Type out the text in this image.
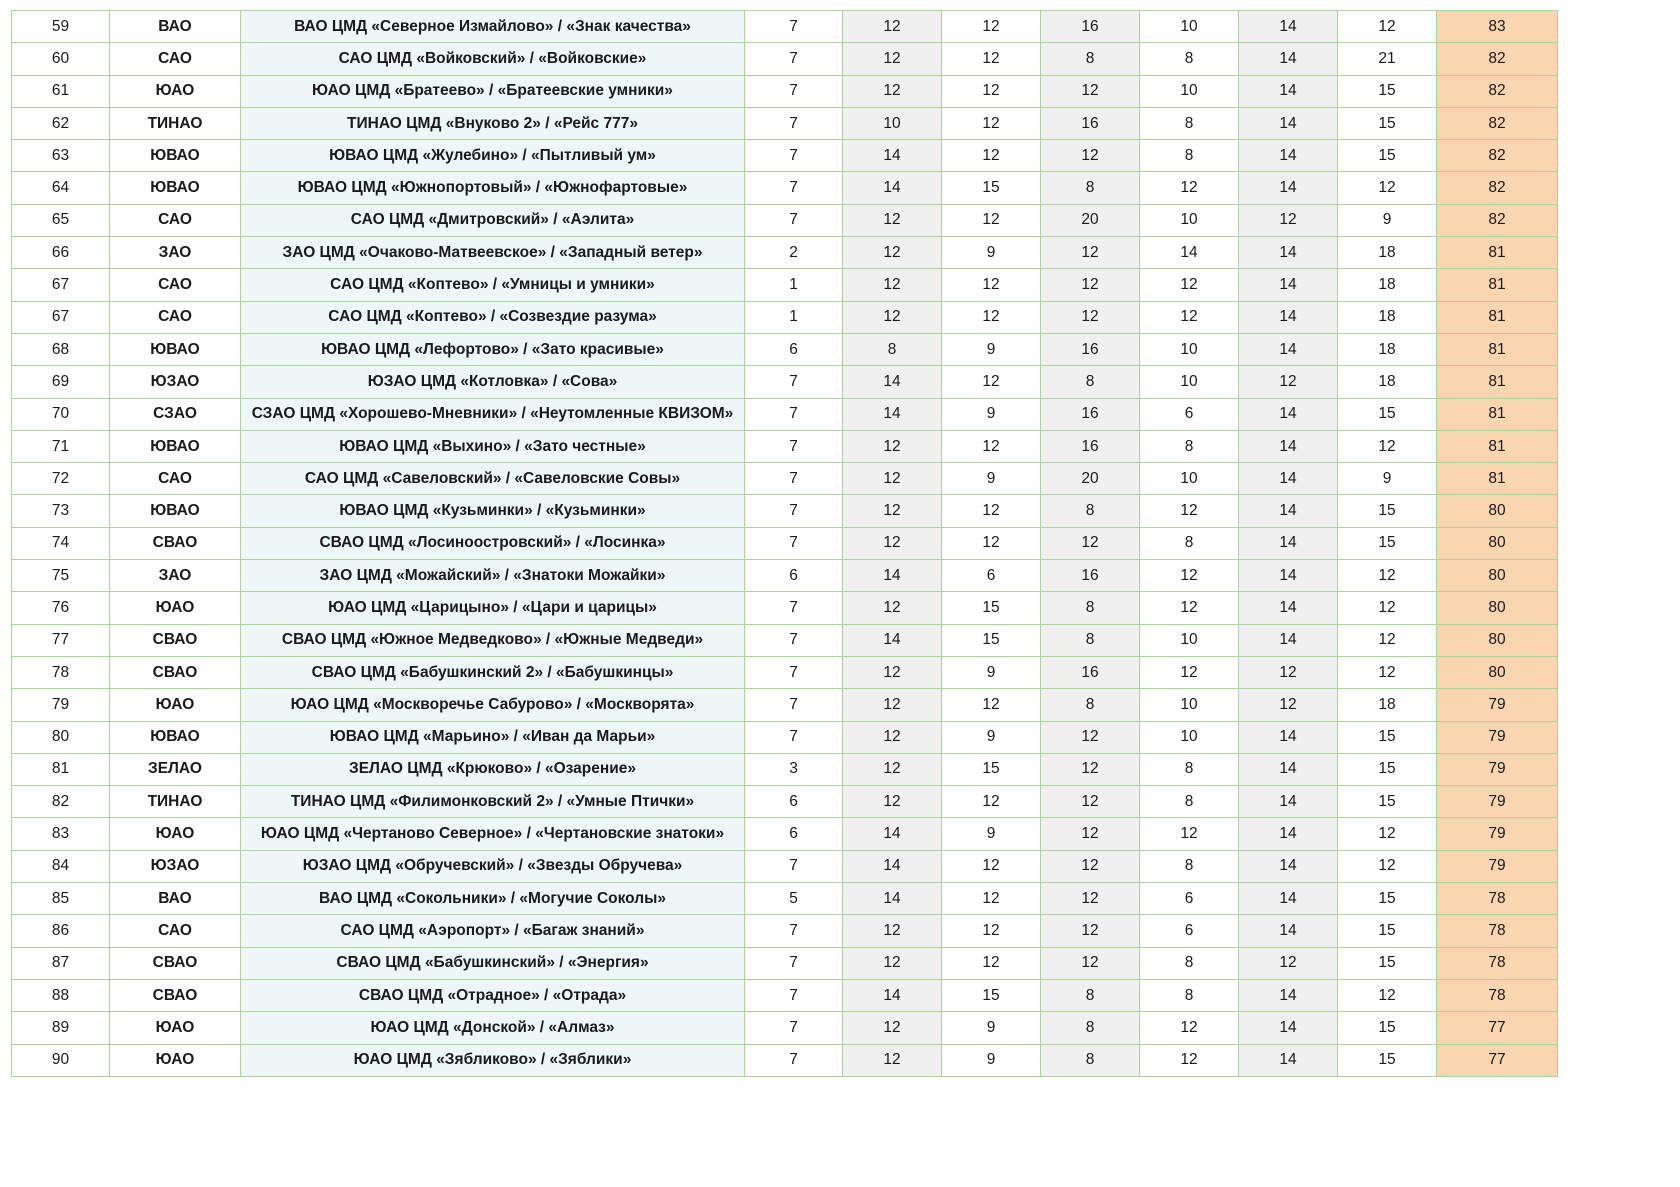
59	ВАО	ВАО ЦМД «Северное Измайлово» / «Знак качества»	7	12	12	16	10	14	12	83
60	САО	САО ЦМД «Войковский» / «Войковские»	7	12	12	8	8	14	21	82
61	ЮАО	ЮАО ЦМД «Братеево» / «Братеевские умники»	7	12	12	12	10	14	15	82
62	ТИНАО	ТИНАО ЦМД «Внуково 2» / «Рейс 777»	7	10	12	16	8	14	15	82
63	ЮВАО	ЮВАО ЦМД «Жулебино» / «Пытливый ум»	7	14	12	12	8	14	15	82
64	ЮВАО	ЮВАО ЦМД «Южнопортовый» / «Южнофартовые»	7	14	15	8	12	14	12	82
65	САО	САО ЦМД «Дмитровский» / «Аэлита»	7	12	12	20	10	12	9	82
66	ЗАО	ЗАО ЦМД «Очаково-Матвеевское» / «Западный ветер»	2	12	9	12	14	14	18	81
67	САО	САО ЦМД «Коптево» / «Умницы и умники»	1	12	12	12	12	14	18	81
67	САО	САО ЦМД «Коптево» / «Созвездие разума»	1	12	12	12	12	14	18	81
68	ЮВАО	ЮВАО ЦМД «Лефортово» / «Зато красивые»	6	8	9	16	10	14	18	81
69	ЮЗАО	ЮЗАО ЦМД «Котловка» / «Сова»	7	14	12	8	10	12	18	81
70	СЗАО	СЗАО ЦМД «Хорошево-Мневники» / «Неутомленные КВИЗОМ»	7	14	9	16	6	14	15	81
71	ЮВАО	ЮВАО ЦМД «Выхино» / «Зато честные»	7	12	12	16	8	14	12	81
72	САО	САО ЦМД «Савеловский» / «Савеловские Совы»	7	12	9	20	10	14	9	81
73	ЮВАО	ЮВАО ЦМД «Кузьминки» / «Кузьминки»	7	12	12	8	12	14	15	80
74	СВАО	СВАО ЦМД «Лосиноостровский» / «Лосинка»	7	12	12	12	8	14	15	80
75	ЗАО	ЗАО ЦМД «Можайский» / «Знатоки Можайки»	6	14	6	16	12	14	12	80
76	ЮАО	ЮАО ЦМД «Царицыно» / «Цари и царицы»	7	12	15	8	12	14	12	80
77	СВАО	СВАО ЦМД «Южное Медведково» / «Южные Медведи»	7	14	15	8	10	14	12	80
78	СВАО	СВАО ЦМД «Бабушкинский 2» / «Бабушкинцы»	7	12	9	16	12	12	12	80
79	ЮАО	ЮАО ЦМД «Москворечье Сабурово» / «Москворята»	7	12	12	8	10	12	18	79
80	ЮВАО	ЮВАО ЦМД «Марьино» / «Иван да Марьи»	7	12	9	12	10	14	15	79
81	ЗЕЛАО	ЗЕЛАО ЦМД «Крюково» / «Озарение»	3	12	15	12	8	14	15	79
82	ТИНАО	ТИНАО ЦМД «Филимонковский 2» / «Умные Птички»	6	12	12	12	8	14	15	79
83	ЮАО	ЮАО ЦМД «Чертаново Северное» / «Чертановские знатоки»	6	14	9	12	12	14	12	79
84	ЮЗАО	ЮЗАО ЦМД «Обручевский» / «Звезды Обручева»	7	14	12	12	8	14	12	79
85	ВАО	ВАО ЦМД «Сокольники» / «Могучие Соколы»	5	14	12	12	6	14	15	78
86	САО	САО ЦМД «Аэропорт» / «Багаж знаний»	7	12	12	12	6	14	15	78
87	СВАО	СВАО ЦМД «Бабушкинский» / «Энергия»	7	12	12	12	8	12	15	78
88	СВАО	СВАО ЦМД «Отрадное» / «Отрада»	7	14	15	8	8	14	12	78
89	ЮАО	ЮАО ЦМД «Донской» / «Алмаз»	7	12	9	8	12	14	15	77
90	ЮАО	ЮАО ЦМД «Зябликово» / «Зяблики»	7	12	9	8	12	14	15	77
